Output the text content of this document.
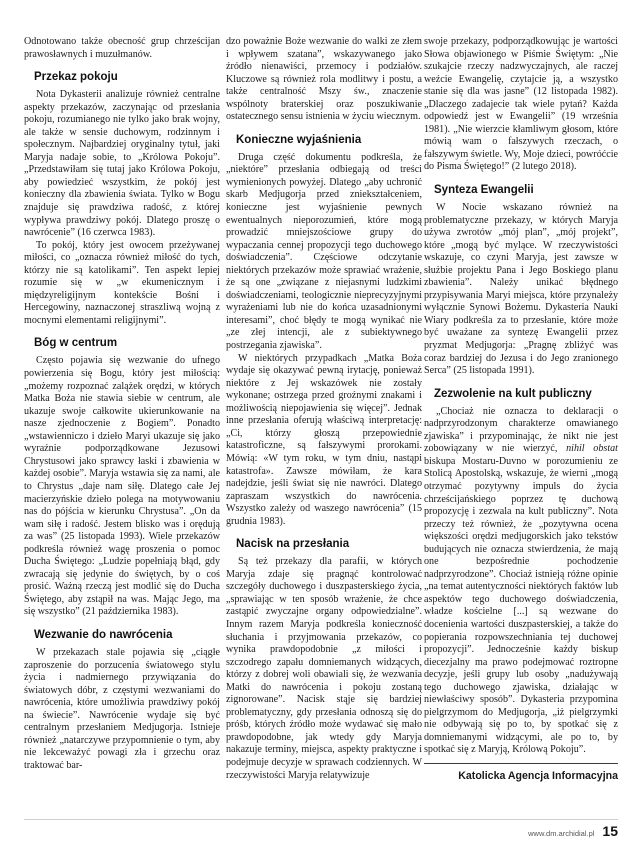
Odnotowano także obecność grup chrześcijan prawosławnych i muzułmanów.

Przekaz pokoju

Nota Dykasterii analizuje również centralne aspekty przekazów, zaczynając od przesłania pokoju, rozumianego nie tylko jako brak wojny, ale także w sensie duchowym, rodzinnym i społecznym. Najbardziej oryginalny tytuł, jaki Maryja nadaje sobie, to „Królowa Pokoju”. „Przedstawiłam się tutaj jako Królowa Pokoju, aby powiedzieć wszystkim, że pokój jest konieczny dla zbawienia świata. Tylko w Bogu znajduje się prawdziwa radość, z której wypływa prawdziwy pokój. Dlatego proszę o nawrócenie” (16 czerwca 1983).

To pokój, który jest owocem przeżywanej miłości, co „oznacza również miłość do tych, którzy nie są katolikami”. Ten aspekt lepiej rozumie się w „w ekumenicznym i międzyreligijnym kontekście Bośni i Hercegowiny, naznaczonej straszliwą wojną z mocnymi elementami religijnymi”.

Bóg w centrum

Często pojawia się wezwanie do ufnego powierzenia się Bogu, który jest miłością: „możemy rozpoznać zalążek orędzi, w których Matka Boża nie stawia siebie w centrum, ale ukazuje swoje całkowite ukierunkowanie na nasze zjednoczenie z Bogiem”. Ponadto „wstawienniczo i dzieło Maryi ukazuje się jako wyraźnie podporządkowane Jezusowi Chrystusowi jako sprawcy łaski i zbawienia w każdej osobie”. Maryja wstawia się za nami, ale to Chrystus „daje nam siłę. Dlatego całe Jej macierzyńskie dzieło polega na motywowaniu nas do pójścia w kierunku Chrystusa”. „On da wam siłę i radość. Jestem blisko was i orędują za was” (25 listopada 1993). Wiele przekazów podkreśla również wagę proszenia o pomoc Ducha Świętego: „Ludzie popełniają błąd, gdy zwracają się jedynie do świętych, by o coś prosić. Ważną rzeczą jest modlić się do Ducha Świętego, aby zstąpił na was. Mając Jego, ma się wszystko” (21 października 1983).

Wezwanie do nawrócenia

W przekazach stale pojawia się „ciągłe zaproszenie do porzucenia światowego stylu życia i nadmiernego przywiązania do światowych dóbr, z częstymi wezwaniami do nawrócenia, które umożliwia prawdziwy pokój na świecie”. Nawrócenie wydaje się być centralnym przesłaniem Medjugorja. Istnieje również „natarczywe przypomnienie o tym, aby nie lekceważyć powagi zła i grzechu oraz traktować bar-

dzo poważnie Boże wezwanie do walki ze złem i wpływem szatana”, wskazywanego jako źródło nienawiści, przemocy i podziałów. Kluczowe są również rola modlitwy i postu, a także centralność Mszy św., znaczenie wspólnoty braterskiej oraz poszukiwanie ostatecznego sensu istnienia w życiu wiecznym.

Konieczne wyjaśnienia

Druga część dokumentu podkreśla, że „niektóre” przesłania odbiegają od treści wymienionych powyżej. Dlatego „aby uchronić skarb Medjugorja przed zniekształceniem, konieczne jest wyjaśnienie pewnych ewentualnych nieporozumień, które mogą prowadzić mniejszościowe grupy do wypaczania cennej propozycji tego duchowego doświadczenia”. Częściowe odczytanie niektórych przekazów może sprawiać wrażenie, że są one „związane z niejasnymi ludzkimi doświadczeniami, teologicznie nieprecyzyjnymi wyrażeniami lub nie do końca uzasadnionymi interesami”, choć błędy te mogą wynikać nie „ze złej intencji, ale z subiektywnego postrzegania zjawiska”.

W niektórych przypadkach „Matka Boża wydaje się okazywać pewną irytację, ponieważ niektóre z Jej wskazówek nie zostały wykonane; ostrzega przed groźnymi znakami i możliwością niepojawienia się więcej”. Jednak inne przesłania oferują właściwą interpretację: „Ci, którzy głoszą przepowiednie katastroficzne, są fałszywymi prorokami. Mówią: «W tym roku, w tym dniu, nastąpi katastrofa». Zawsze mówiłam, że kara nadejdzie, jeśli świat się nie nawróci. Dlatego zapraszam wszystkich do nawrócenia. Wszystko zależy od waszego nawrócenia” (15 grudnia 1983).

Nacisk na przesłania

Są też przekazy dla parafii, w których Maryja zdaje się pragnąć kontrolować szczegóły duchowego i duszpasterskiego życia, „sprawiając w ten sposób wrażenie, że chce zastąpić zwyczajne organy odpowiedzialne”. Innym razem Maryja podkreśla konieczność słuchania i przyjmowania przekazów, co wynika prawdopodobnie „z miłości i szczodrego zapału domniemanych widzących, którzy z dobrej woli obawiali się, że wezwania Matki do nawrócenia i pokoju zostaną zignorowane”. Nacisk stąje się bardziej problematyczny, gdy przesłania odnoszą się do próśb, których źródło może wydawać się mało prawdopodobne, jak wtedy gdy Maryja nakazuje terminy, miejsca, aspekty praktyczne i podejmuje decyzje w sprawach codziennych. W rzeczywistości Maryja relatywizuje

swoje przekazy, podporządkowując je wartości Słowa objawionego w Piśmie Świętym: „Nie szukajcie rzeczy nadzwyczajnych, ale raczej weźcie Ewangelię, czytajcie ją, a wszystko stanie się dla was jasne” (12 listopada 1982). „Dlaczego zadajecie tak wiele pytań? Każda odpowiedź jest w Ewangelii” (19 września 1981). „Nie wierzcie kłamliwym głosom, które mówią wam o fałszywych rzeczach, o fałszywym świetle. Wy, Moje dzieci, powróćcie do Pisma Świętego!” (2 lutego 2018).

Synteza Ewangelii

W Nocie wskazano również na problematyczne przekazy, w których Maryja używa zwrotów „mój plan”, „mój projekt”, które „mogą być mylące. W rzeczywistości wskazuje, co czyni Maryja, jest zawsze w służbie projektu Pana i Jego Boskiego planu zbawienia”. Należy unikać błędnego przypisywania Maryi miejsca, które przynależy wyłącznie Synowi Bożemu. Dykasteria Nauki Wiary podkreśla za to przesłanie, które może być uważane za syntezę Ewangelii przez pryzmat Medjugorja: „Pragnę zbliżyć was coraz bardziej do Jezusa i do Jego zranionego Serca” (25 listopada 1991).

Zezwolenie na kult publiczny

„Chociaż nie oznacza to deklaracji o nadprzyrodzonym charakterze omawianego zjawiska” i przypominając, że nikt nie jest zobowiązany w nie wierzyć, nihil obstat biskupa Mostaru-Duvno w porozumieniu ze Stolicą Apostolską, wskazuje, że wierni „mogą otrzymać pozytywny impuls do życia chrześcijańskiego poprzez tę duchową propozycję i zezwala na kult publiczny”. Nota przeczy też również, że „pozytywna ocena większości orędzi medjugorskich jako tekstów budujących nie oznacza stwierdzenia, że mają one bezpośrednie pochodzenie nadprzyrodzone”. Chociaż istnieją różne opinie „na temat autentyczności niektórych faktów lub aspektów tego duchowego doświadczenia, władze kościelne [...] są wezwane do docenienia wartości duszpasterskiej, a także do popierania rozpowszechniania tej duchowej propozycji”. Jednocześnie każdy biskup diecezjalny ma prawo podejmować roztropne decyzje, jeśli grupy lub osoby „nadużywają tego duchowego zjawiska, działając w niewłaściwy sposób”. Dykasteria przypomina pielgrzymom do Medjugorja, „iż pielgrzymki nie odbywają się po to, by spotkać się z domniemanymi widzącymi, ale po to, by spotkać się z Maryją, Królową Pokoju”.

Katolicka Agencja Informacyjna
www.dm.archidial.pl 15
